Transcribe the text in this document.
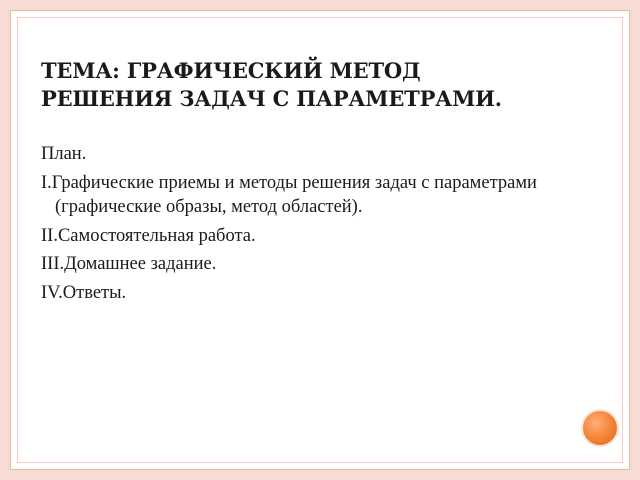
ТЕМА: ГРАФИЧЕСКИЙ МЕТОД
РЕШЕНИЯ ЗАДАЧ С ПАРАМЕТРАМИ.
План.
I.Графические приемы и методы решения задач с параметрами (графические образы, метод областей).
II.Самостоятельная работа.
III.Домашнее задание.
IV.Ответы.
